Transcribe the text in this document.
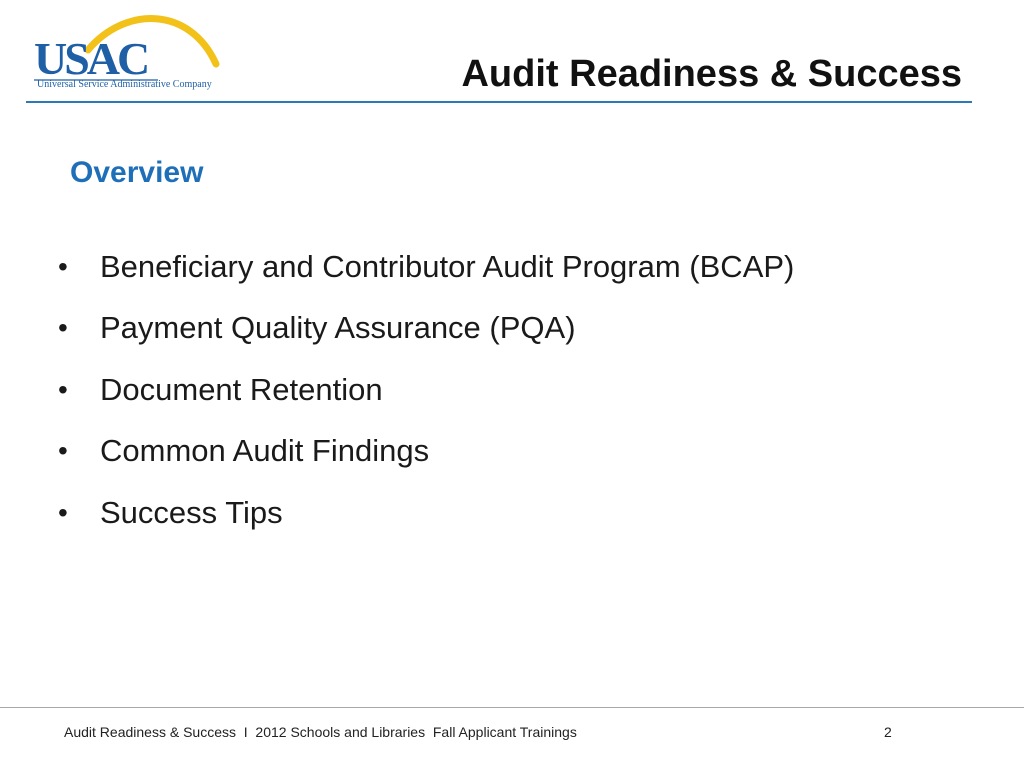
USAC
Universal Service Administrative Company	Audit Readiness & Success
Overview
•	Beneficiary and Contributor Audit Program (BCAP)
•	Payment Quality Assurance (PQA)
•	Document Retention
•	Common Audit Findings
•	Success Tips
Audit Readiness & Success  I  2012 Schools and Libraries  Fall Applicant Trainings	2
